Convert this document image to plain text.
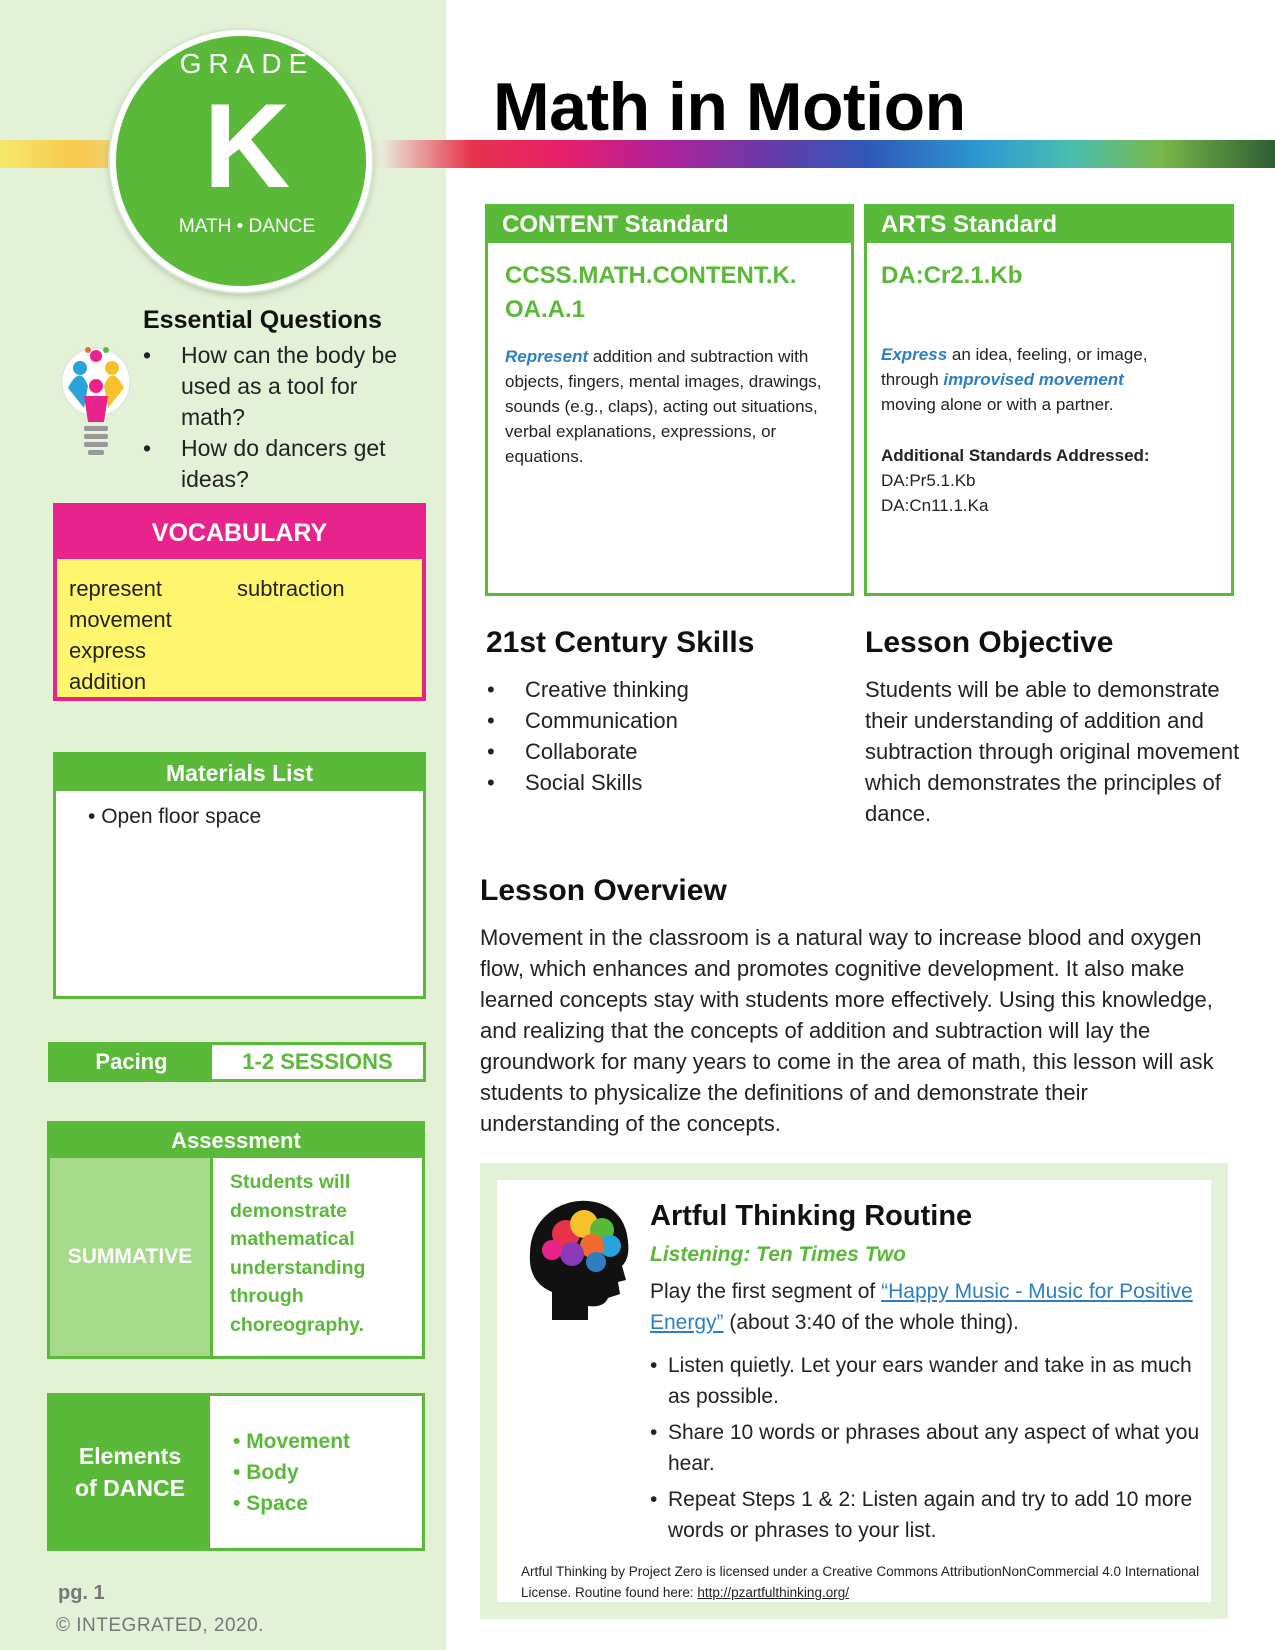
GRADE
K
MATH • DANCE
Math in Motion
Essential Questions
• How can the body be used as a tool for math?
• How do dancers get ideas?
VOCABULARY
represent
movement
express
addition
subtraction
Materials List
• Open floor space
Pacing	1-2 SESSIONS
Assessment
SUMMATIVE
Students will demonstrate mathematical understanding through choreography.
Elements
of DANCE
• Movement
• Body
• Space
pg. 1
© INTEGRATED, 2020.
CONTENT Standard
CCSS.MATH.CONTENT.K.
OA.A.1
Represent addition and subtraction with objects, fingers, mental images, drawings, sounds (e.g., claps), acting out situations, verbal explanations, expressions, or equations.
ARTS Standard
DA:Cr2.1.Kb
Express an idea, feeling, or image, through improvised movement moving alone or with a partner.
Additional Standards Addressed:
DA:Pr5.1.Kb
DA:Cn11.1.Ka
21st Century Skills
• Creative thinking
• Communication
• Collaborate
• Social Skills
Lesson Objective
Students will be able to demonstrate their understanding of addition and subtraction through original movement which demonstrates the principles of dance.
Lesson Overview
Movement in the classroom is a natural way to increase blood and oxygen flow, which enhances and promotes cognitive development. It also make learned concepts stay with students more effectively. Using this knowledge, and realizing that the concepts of addition and subtraction will lay the groundwork for many years to come in the area of math, this lesson will ask students to physicalize the definitions of and demonstrate their understanding of the concepts.
Artful Thinking Routine
Listening: Ten Times Two
Play the first segment of “Happy Music - Music for Positive Energy” (about 3:40 of the whole thing).
• Listen quietly. Let your ears wander and take in as much as possible.
• Share 10 words or phrases about any aspect of what you hear.
• Repeat Steps 1 & 2: Listen again and try to add 10 more words or phrases to your list.
Artful Thinking by Project Zero is licensed under a Creative Commons AttributionNonCommercial 4.0 International License. Routine found here: http://pzartfulthinking.org/
